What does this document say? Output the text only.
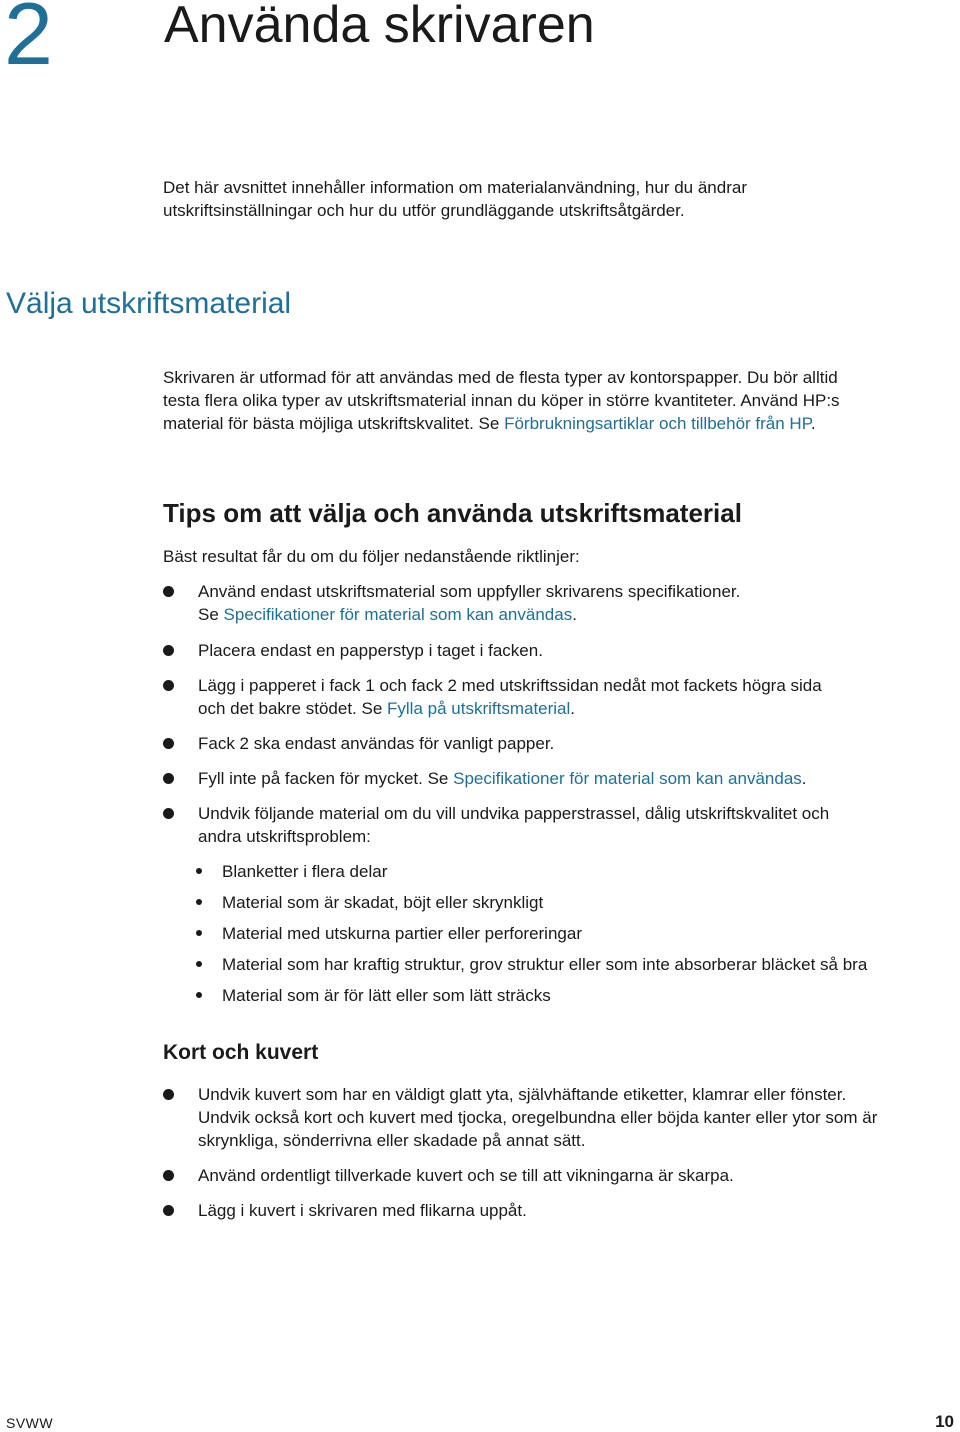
2 Använda skrivaren
Det här avsnittet innehåller information om materialanvändning, hur du ändrar
utskriftsinställningar och hur du utför grundläggande utskriftsåtgärder.
Välja utskriftsmaterial
Skrivaren är utformad för att användas med de flesta typer av kontorspapper. Du bör alltid
testa flera olika typer av utskriftsmaterial innan du köper in större kvantiteter. Använd HP:s
material för bästa möjliga utskriftskvalitet. Se Förbrukningsartiklar och tillbehör från HP.
Tips om att välja och använda utskriftsmaterial
Bäst resultat får du om du följer nedanstående riktlinjer:
Använd endast utskriftsmaterial som uppfyller skrivarens specifikationer.
Se Specifikationer för material som kan användas.
Placera endast en papperstyp i taget i facken.
Lägg i papperet i fack 1 och fack 2 med utskriftssidan nedåt mot fackets högra sida
och det bakre stödet. Se Fylla på utskriftsmaterial.
Fack 2 ska endast användas för vanligt papper.
Fyll inte på facken för mycket. Se Specifikationer för material som kan användas.
Undvik följande material om du vill undvika papperstrassel, dålig utskriftskvalitet och
andra utskriftsproblem:
Blanketter i flera delar
Material som är skadat, böjt eller skrynkligt
Material med utskurna partier eller perforeringar
Material som har kraftig struktur, grov struktur eller som inte absorberar bläcket så bra
Material som är för lätt eller som lätt sträcks
Kort och kuvert
Undvik kuvert som har en väldigt glatt yta, självhäftande etiketter, klamrar eller fönster.
Undvik också kort och kuvert med tjocka, oregelbundna eller böjda kanter eller ytor som är
skrynkliga, sönderrivna eller skadade på annat sätt.
Använd ordentligt tillverkade kuvert och se till att vikningarna är skarpa.
Lägg i kuvert i skrivaren med flikarna uppåt.
SVWW	10
